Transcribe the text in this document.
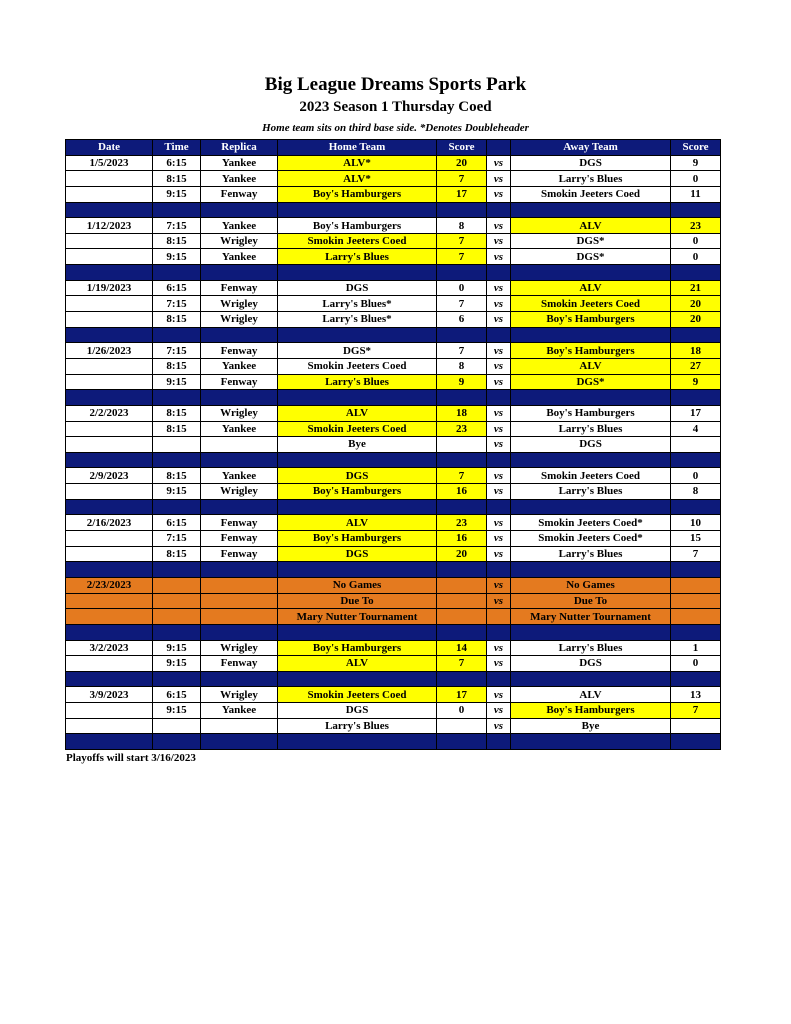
Big League Dreams Sports Park
2023 Season 1 Thursday Coed
Home team sits on third base side. *Denotes Doubleheader
Date	Time	Replica	Home Team	Score		Away Team	Score
1/5/2023	6:15	Yankee	ALV*	20	vs	DGS	9
	8:15	Yankee	ALV*	7	vs	Larry's Blues	0
	9:15	Fenway	Boy's Hamburgers	17	vs	Smokin Jeeters Coed	11

1/12/2023	7:15	Yankee	Boy's Hamburgers	8	vs	ALV	23
	8:15	Wrigley	Smokin Jeeters Coed	7	vs	DGS*	0
	9:15	Yankee	Larry's Blues	7	vs	DGS*	0

1/19/2023	6:15	Fenway	DGS	0	vs	ALV	21
	7:15	Wrigley	Larry's Blues*	7	vs	Smokin Jeeters Coed	20
	8:15	Wrigley	Larry's Blues*	6	vs	Boy's Hamburgers	20

1/26/2023	7:15	Fenway	DGS*	7	vs	Boy's Hamburgers	18
	8:15	Yankee	Smokin Jeeters Coed	8	vs	ALV	27
	9:15	Fenway	Larry's Blues	9	vs	DGS*	9

2/2/2023	8:15	Wrigley	ALV	18	vs	Boy's Hamburgers	17
	8:15	Yankee	Smokin Jeeters Coed	23	vs	Larry's Blues	4
			Bye		vs	DGS	

2/9/2023	8:15	Yankee	DGS	7	vs	Smokin Jeeters Coed	0
	9:15	Wrigley	Boy's Hamburgers	16	vs	Larry's Blues	8

2/16/2023	6:15	Fenway	ALV	23	vs	Smokin Jeeters Coed*	10
	7:15	Fenway	Boy's Hamburgers	16	vs	Smokin Jeeters Coed*	15
	8:15	Fenway	DGS	20	vs	Larry's Blues	7

2/23/2023			No Games		vs	No Games	
			Due To		vs	Due To	
			Mary Nutter Tournament			Mary Nutter Tournament	

3/2/2023	9:15	Wrigley	Boy's Hamburgers	14	vs	Larry's Blues	1
	9:15	Fenway	ALV	7	vs	DGS	0

3/9/2023	6:15	Wrigley	Smokin Jeeters Coed	17	vs	ALV	13
	9:15	Yankee	DGS	0	vs	Boy's Hamburgers	7
			Larry's Blues		vs	Bye	

Playoffs will start 3/16/2023
